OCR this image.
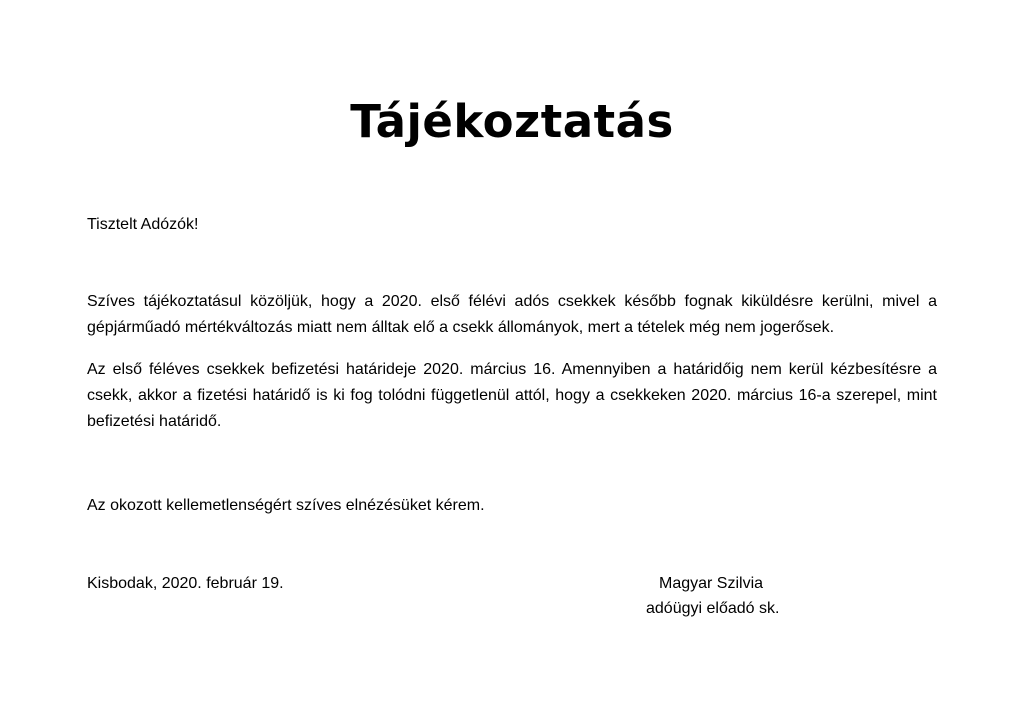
Tájékoztatás

Tisztelt Adózók!

Szíves tájékoztatásul közöljük, hogy a 2020. első félévi adós csekkek később fognak kiküldésre kerülni, mivel a gépjárműadó mértékváltozás miatt nem álltak elő a csekk állományok, mert a tételek még nem jogerősek.

Az első féléves csekkek befizetési határideje 2020. március 16. Amennyiben a határidőig nem kerül kézbesítésre a csekk, akkor a fizetési határidő is ki fog tolódni függetlenül attól, hogy a csekkeken 2020. március 16-a szerepel, mint befizetési határidő.

Az okozott kellemetlenségért szíves elnézésüket kérem.

Kisbodak, 2020. február 19.	Magyar Szilvia
adóügyi előadó sk.
